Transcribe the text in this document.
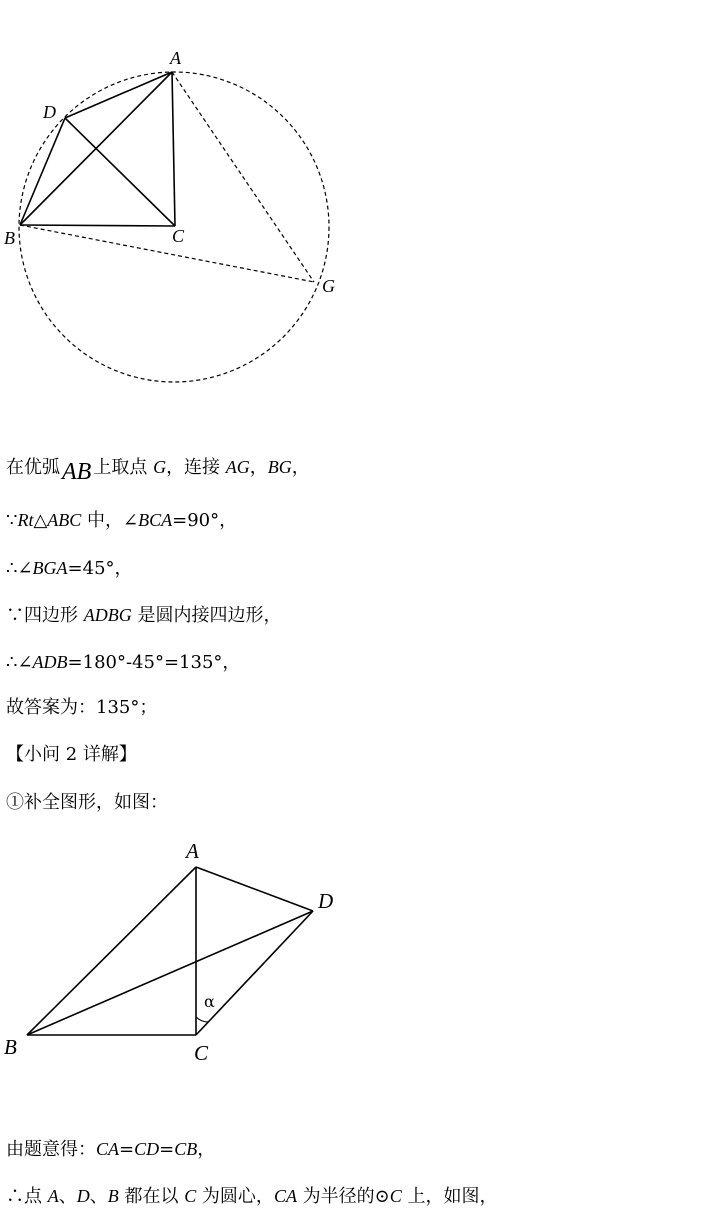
A
D
B	C
G
在优弧AB 上取点 G，连接 AG，BG，
∵Rt△ABC 中，∠BCA=90°，
∴∠BGA=45°，
∵四边形 ADBG 是圆内接四边形，
∴∠ADB=180°-45°=135°，
故答案为：135°；
【小问 2 详解】
①补全图形，如图：
A
D
B	C
α
由题意得：CA=CD=CB，
∴点 A、D、B 都在以 C 为圆心，CA 为半径的⊙C 上，如图，
